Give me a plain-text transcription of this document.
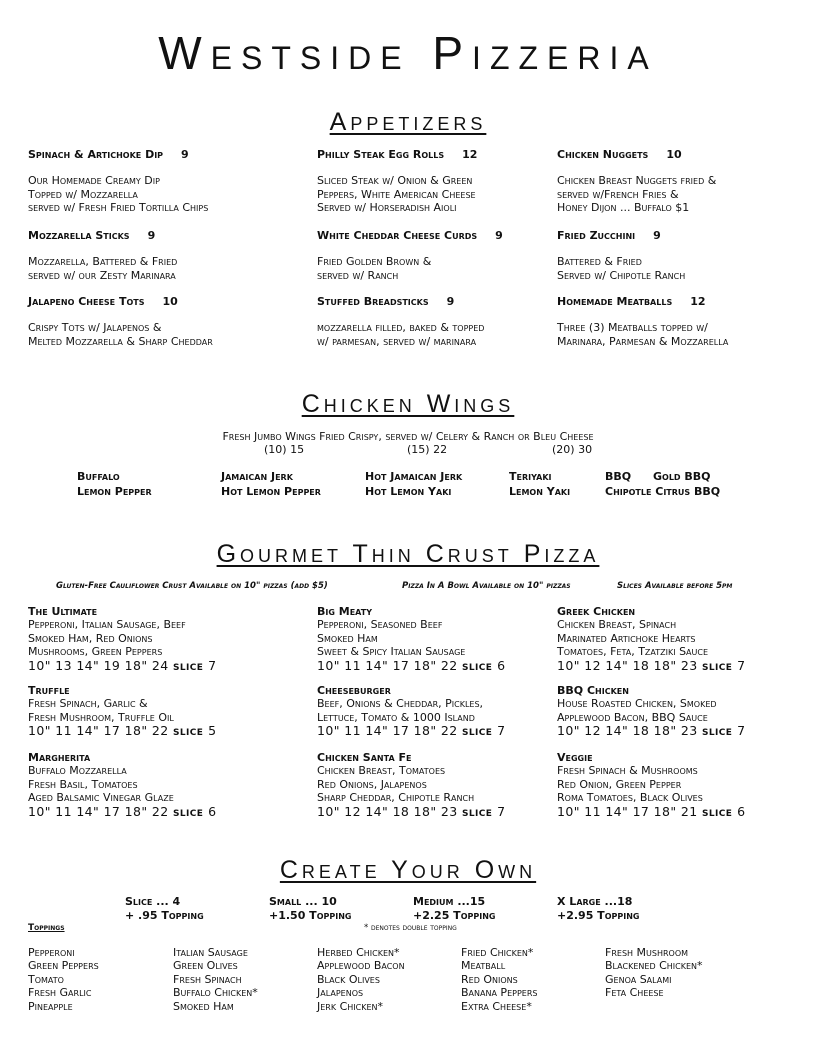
Westside Pizzeria
Appetizers
Spinach & Artichoke Dip 9
Our Homemade Creamy Dip
Topped w/ Mozzarella
served w/ Fresh Fried Tortilla Chips
Philly Steak Egg Rolls 12
Sliced Steak w/ Onion & Green
Peppers, White American Cheese
Served w/ Horseradish Aioli
Chicken Nuggets 10
Chicken Breast Nuggets fried &
served w/French Fries &
Honey Dijon ... Buffalo $1
Mozzarella Sticks 9
Mozzarella, Battered & Fried
served w/ our Zesty Marinara
White Cheddar Cheese Curds 9
Fried Golden Brown &
served w/ Ranch
Fried Zucchini 9
Battered & Fried
Served w/ Chipotle Ranch
Jalapeno Cheese Tots 10
Crispy Tots w/ Jalapenos &
Melted Mozzarella & Sharp Cheddar
Stuffed Breadsticks 9
mozzarella filled, baked & topped
w/ parmesan, served w/ marinara
Homemade Meatballs 12
Three (3) Meatballs topped w/
Marinara, Parmesan & Mozzarella
Chicken Wings
Fresh Jumbo Wings Fried Crispy, served w/ Celery & Ranch or Bleu Cheese
(10) 15	(15) 22	(20) 30
Buffalo	Jamaican Jerk	Hot Jamaican Jerk	Teriyaki	BBQ Gold BBQ
Lemon Pepper	Hot Lemon Pepper	Hot Lemon Yaki	Lemon Yaki	Chipotle Citrus BBQ
Gourmet Thin Crust Pizza
Gluten-Free Cauliflower Crust Available on 10" pizzas (add $5)	Pizza In A Bowl Available on 10" pizzas	Slices Available before 5pm
The Ultimate
Pepperoni, Italian Sausage, Beef
Smoked Ham, Red Onions
Mushrooms, Green Peppers
10" 13 14" 19 18" 24 slice 7
Big Meaty
Pepperoni, Seasoned Beef
Smoked Ham
Sweet & Spicy Italian Sausage
10" 11 14" 17 18" 22 slice 6
Greek Chicken
Chicken Breast, Spinach
Marinated Artichoke Hearts
Tomatoes, Feta, Tzatziki Sauce
10" 12 14" 18 18" 23 slice 7
Truffle
Fresh Spinach, Garlic &
Fresh Mushroom, Truffle Oil
10" 11 14" 17 18" 22 slice 5
Cheeseburger
Beef, Onions & Cheddar, Pickles,
Lettuce, Tomato & 1000 Island
10" 11 14" 17 18" 22 slice 7
BBQ Chicken
House Roasted Chicken, Smoked
Applewood Bacon, BBQ Sauce
10" 12 14" 18 18" 23 slice 7
Margherita
Buffalo Mozzarella
Fresh Basil, Tomatoes
Aged Balsamic Vinegar Glaze
10" 11 14" 17 18" 22 slice 6
Chicken Santa Fe
Chicken Breast, Tomatoes
Red Onions, Jalapenos
Sharp Cheddar, Chipotle Ranch
10" 12 14" 18 18" 23 slice 7
Veggie
Fresh Spinach & Mushrooms
Red Onion, Green Pepper
Roma Tomatoes, Black Olives
10" 11 14" 17 18" 21 slice 6
Create Your Own
Slice ... 4
+ .95 Topping
Small ... 10
+1.50 Topping
Medium ...15
+2.25 Topping
X Large ...18
+2.95 Topping
Toppings	* denotes double topping
Pepperoni
Green Peppers
Tomato
Fresh Garlic
Pineapple
Italian Sausage
Green Olives
Fresh Spinach
Buffalo Chicken*
Smoked Ham
Herbed Chicken*
Applewood Bacon
Black Olives
Jalapenos
Jerk Chicken*
Fried Chicken*
Meatball
Red Onions
Banana Peppers
Extra Cheese*
Fresh Mushroom
Blackened Chicken*
Genoa Salami
Feta Cheese
